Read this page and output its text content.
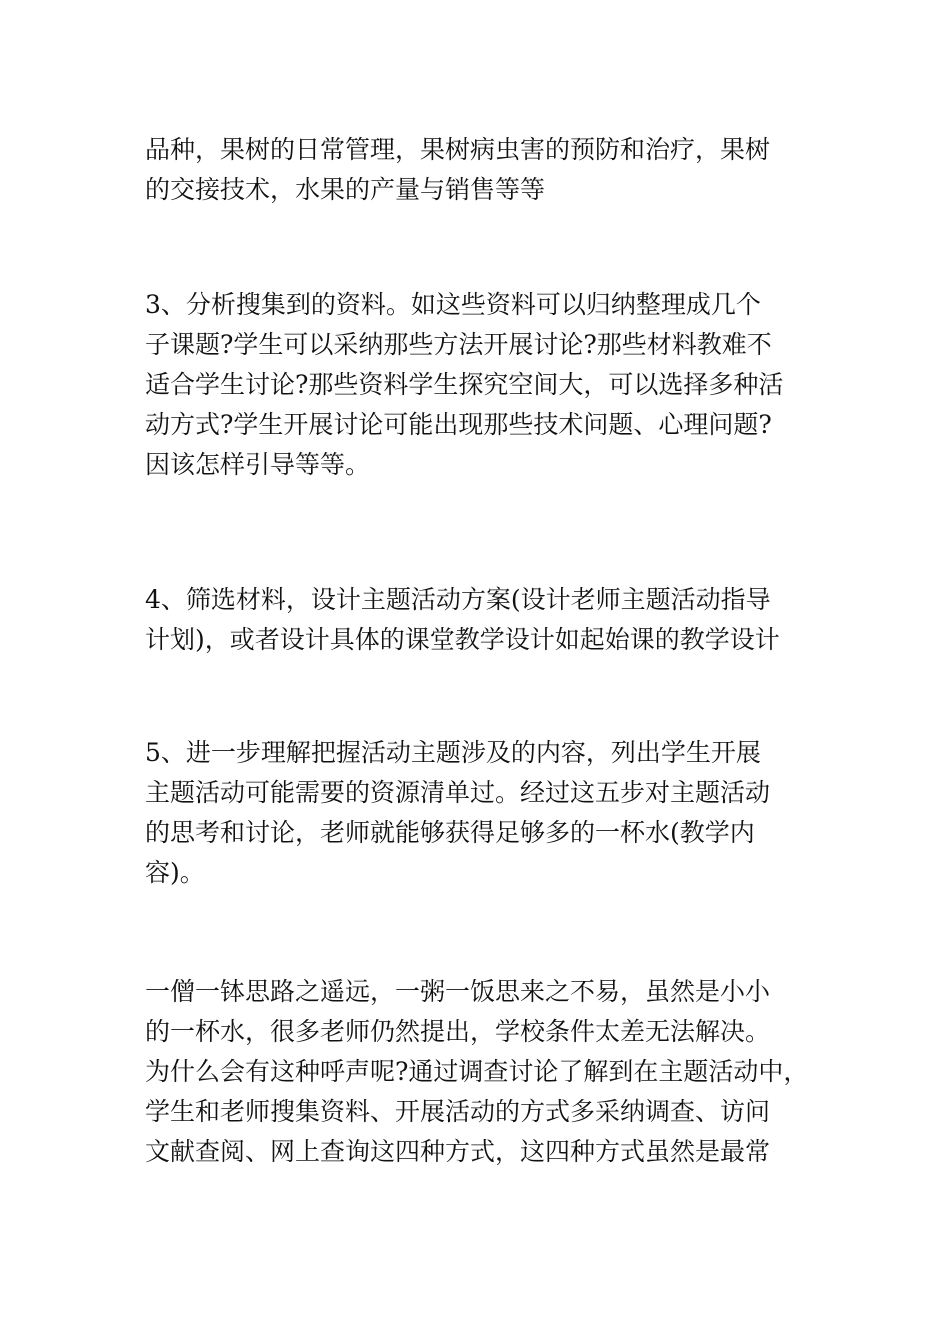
品种，果树的日常管理，果树病虫害的预防和治疗，果树
的交接技术，水果的产量与销售等等
3、分析搜集到的资料。如这些资料可以归纳整理成几个
子课题?学生可以采纳那些方法开展讨论?那些材料教难不
适合学生讨论?那些资料学生探究空间大，可以选择多种活
动方式?学生开展讨论可能出现那些技术问题、心理问题?
因该怎样引导等等。
4、筛选材料，设计主题活动方案(设计老师主题活动指导
计划)，或者设计具体的课堂教学设计如起始课的教学设计
5、进一步理解把握活动主题涉及的内容，列出学生开展
主题活动可能需要的资源清单过。经过这五步对主题活动
的思考和讨论，老师就能够获得足够多的一杯水(教学内
容)。
一僧一钵思路之遥远，一粥一饭思来之不易，虽然是小小
的一杯水，很多老师仍然提出，学校条件太差无法解决。
为什么会有这种呼声呢?通过调查讨论了解到在主题活动中，
学生和老师搜集资料、开展活动的方式多采纳调查、访问
文献查阅、网上查询这四种方式，这四种方式虽然是最常
